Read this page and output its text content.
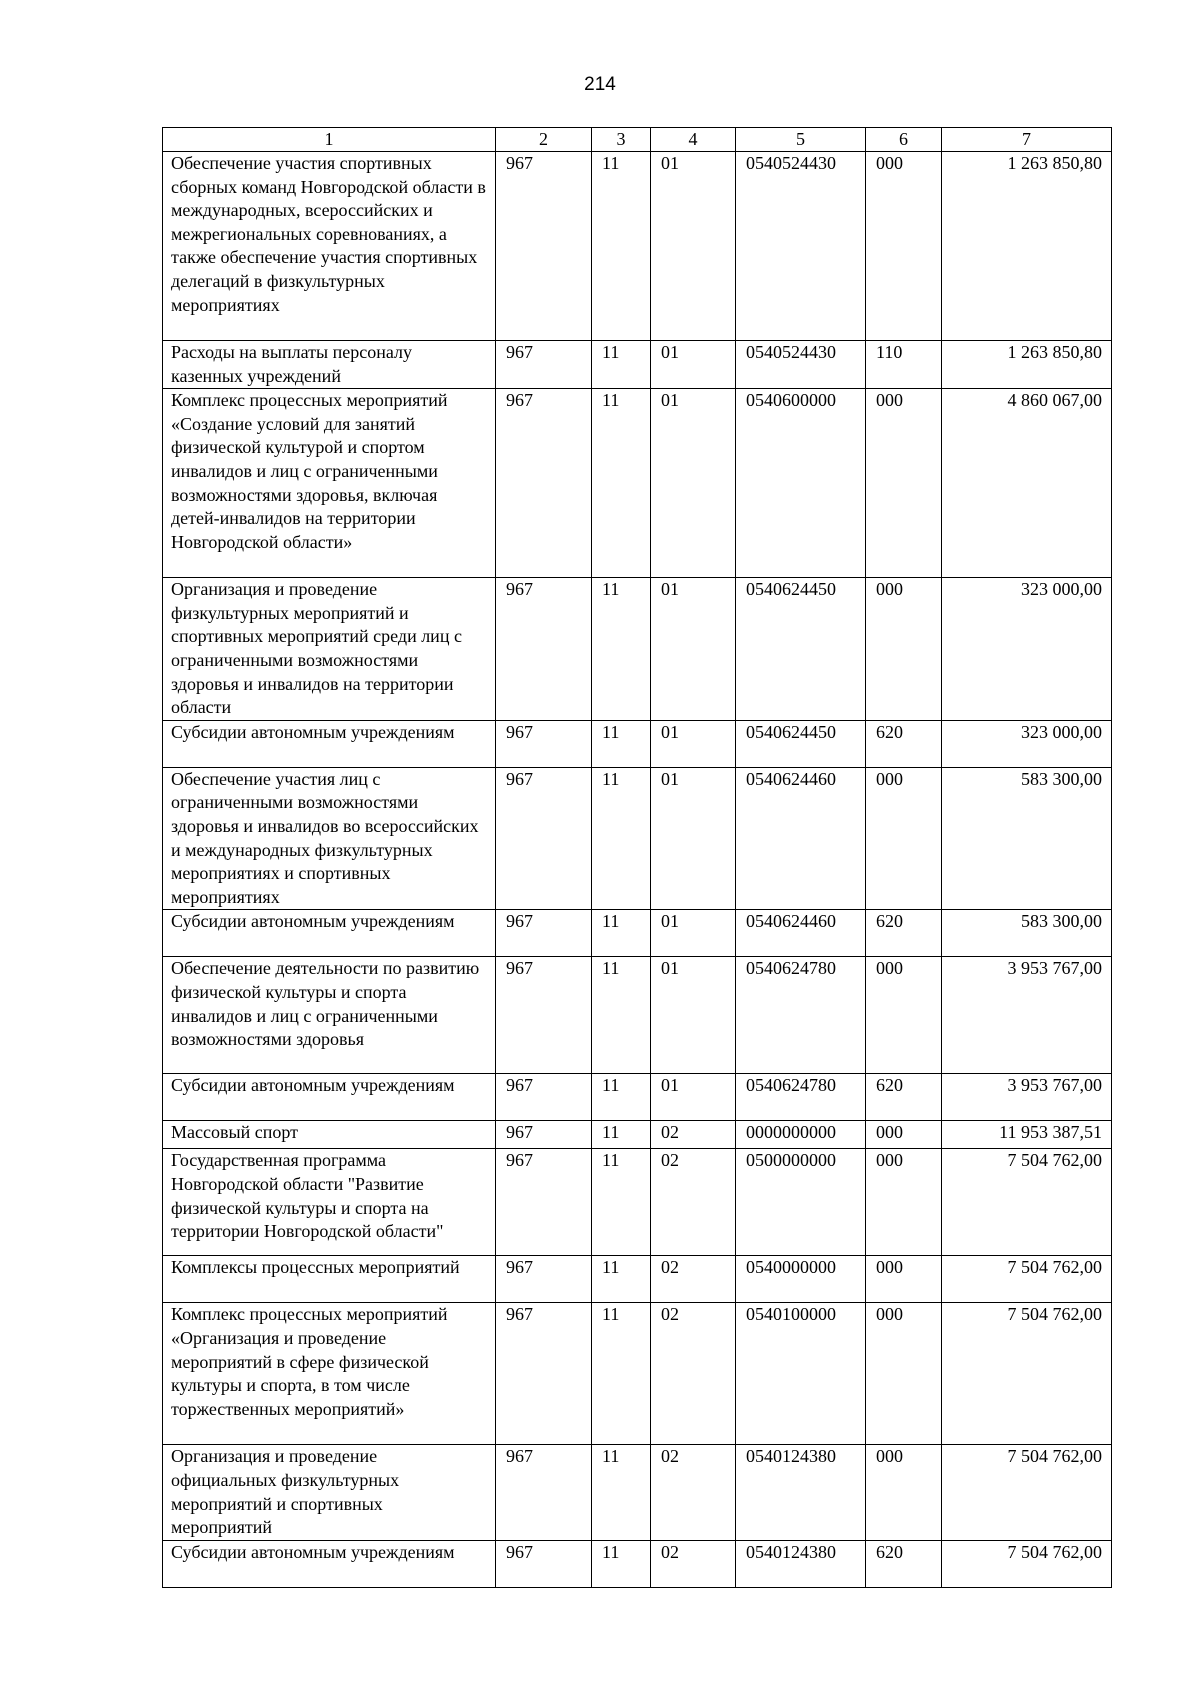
214
1	2	3	4	5	6	7
Обеспечение участия спортивных сборных команд Новгородской области в международных, всероссийских и межрегиональных соревнованиях, а также обеспечение участия спортивных делегаций в физкультурных мероприятиях	967	11	01	0540524430	000	1 263 850,80
Расходы на выплаты персоналу казенных учреждений	967	11	01	0540524430	110	1 263 850,80
Комплекс процессных мероприятий «Создание условий для занятий физической культурой и спортом инвалидов и лиц с ограниченными возможностями здоровья, включая детей-инвалидов на территории Новгородской области»	967	11	01	0540600000	000	4 860 067,00
Организация и проведение физкультурных мероприятий и спортивных мероприятий среди лиц с ограниченными возможностями здоровья и инвалидов на территории области	967	11	01	0540624450	000	323 000,00
Субсидии автономным учреждениям	967	11	01	0540624450	620	323 000,00
Обеспечение участия лиц с ограниченными возможностями здоровья и инвалидов во всероссийских и международных физкультурных мероприятиях и спортивных мероприятиях	967	11	01	0540624460	000	583 300,00
Субсидии автономным учреждениям	967	11	01	0540624460	620	583 300,00
Обеспечение деятельности по развитию физической культуры и спорта инвалидов и лиц с ограниченными возможностями здоровья	967	11	01	0540624780	000	3 953 767,00
Субсидии автономным учреждениям	967	11	01	0540624780	620	3 953 767,00
Массовый спорт	967	11	02	0000000000	000	11 953 387,51
Государственная программа Новгородской области "Развитие физической культуры и спорта на территории Новгородской области"	967	11	02	0500000000	000	7 504 762,00
Комплексы процессных мероприятий	967	11	02	0540000000	000	7 504 762,00
Комплекс процессных мероприятий «Организация и проведение мероприятий в сфере физической культуры и спорта, в том числе торжественных мероприятий»	967	11	02	0540100000	000	7 504 762,00
Организация и проведение официальных физкультурных мероприятий и спортивных мероприятий	967	11	02	0540124380	000	7 504 762,00
Субсидии автономным учреждениям	967	11	02	0540124380	620	7 504 762,00
